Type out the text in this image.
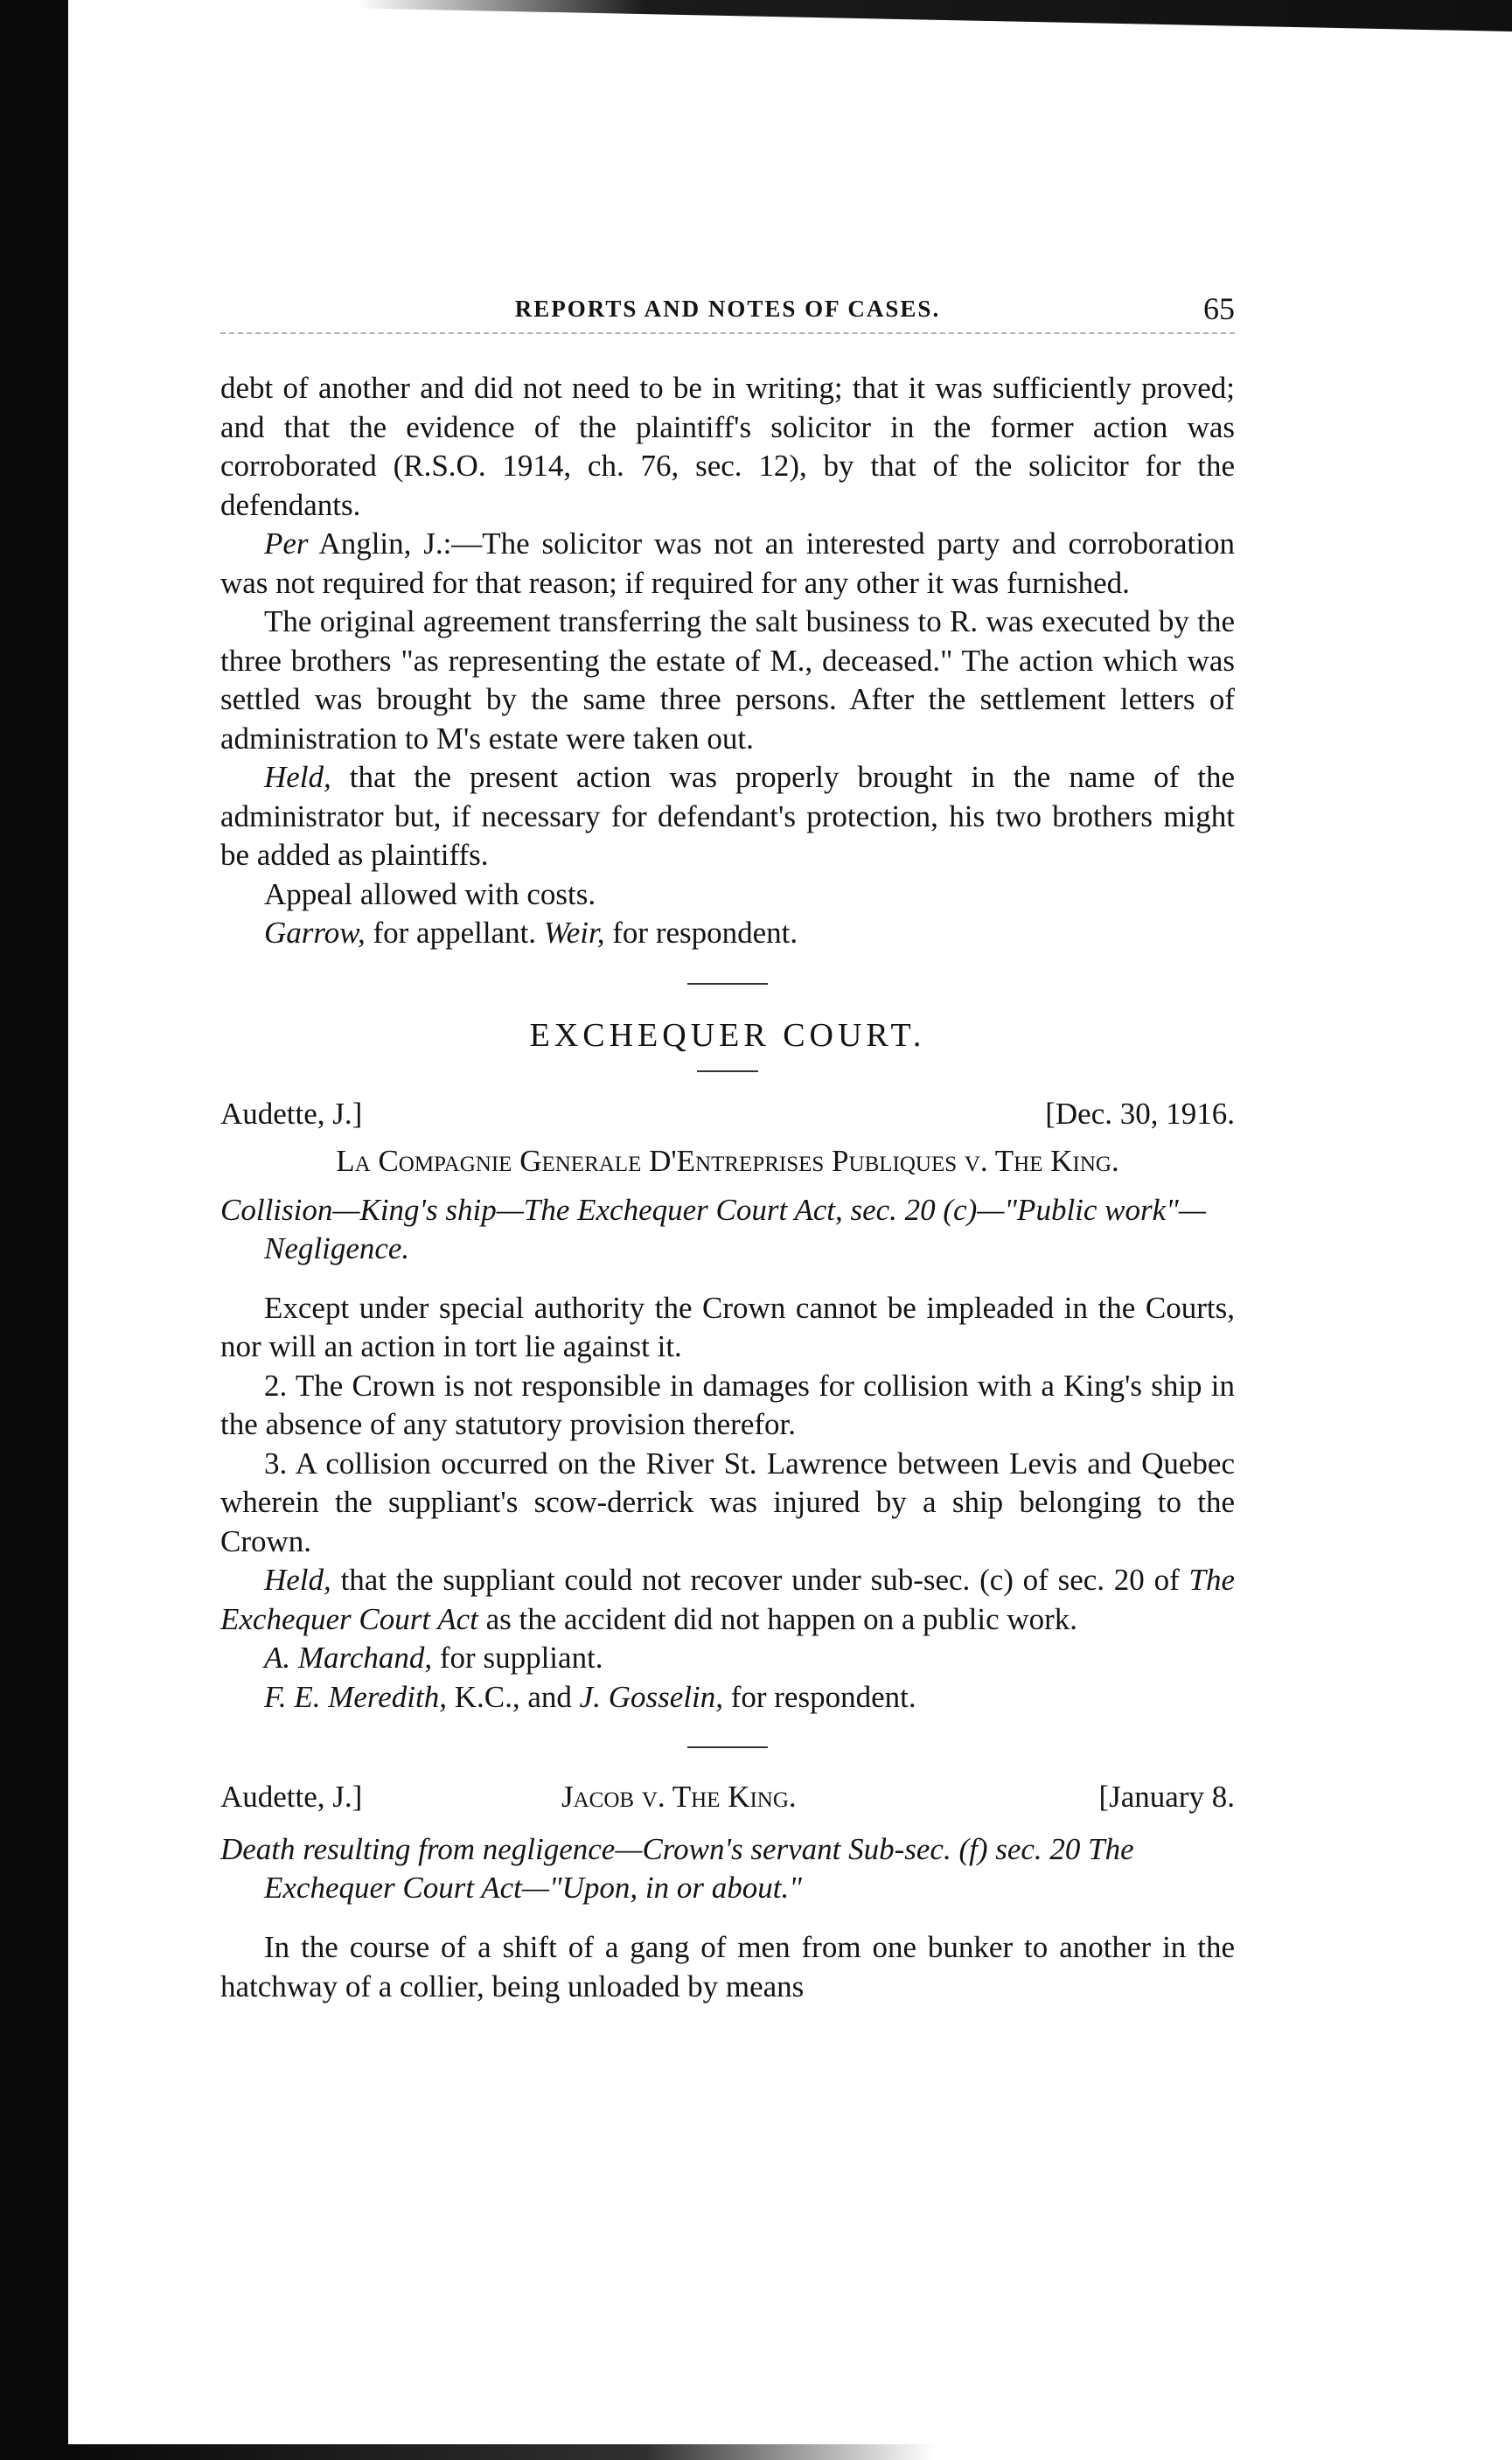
REPORTS AND NOTES OF CASES.	65

debt of another and did not need to be in writing; that it was sufficiently proved; and that the evidence of the plaintiff's solicitor in the former action was corroborated (R.S.O. 1914, ch. 76, sec. 12), by that of the solicitor for the defendants.

Per Anglin, J.:—The solicitor was not an interested party and corroboration was not required for that reason; if required for any other it was furnished.

The original agreement transferring the salt business to R. was executed by the three brothers "as representing the estate of M., deceased." The action which was settled was brought by the same three persons. After the settlement letters of administration to M's estate were taken out.

Held, that the present action was properly brought in the name of the administrator but, if necessary for defendant's protection, his two brothers might be added as plaintiffs.

Appeal allowed with costs.

Garrow, for appellant. Weir, for respondent.

EXCHEQUER COURT.
Audette, J.]	[Dec. 30, 1916.
La Compagnie Generale D'Entreprises Publiques v. The King.
Collision—King's ship—The Exchequer Court Act, sec. 20 (c)—"Public work"—Negligence.

Except under special authority the Crown cannot be impleaded in the Courts, nor will an action in tort lie against it.

2. The Crown is not responsible in damages for collision with a King's ship in the absence of any statutory provision therefor.

3. A collision occurred on the River St. Lawrence between Levis and Quebec wherein the suppliant's scow-derrick was injured by a ship belonging to the Crown.

Held, that the suppliant could not recover under sub-sec. (c) of sec. 20 of The Exchequer Court Act as the accident did not happen on a public work.

A. Marchand, for suppliant.

F. E. Meredith, K.C., and J. Gosselin, for respondent.

Audette, J.]	Jacob v. The King.	[January 8.
Death resulting from negligence—Crown's servant Sub-sec. (f) sec. 20 The Exchequer Court Act—"Upon, in or about."

In the course of a shift of a gang of men from one bunker to another in the hatchway of a collier, being unloaded by means
